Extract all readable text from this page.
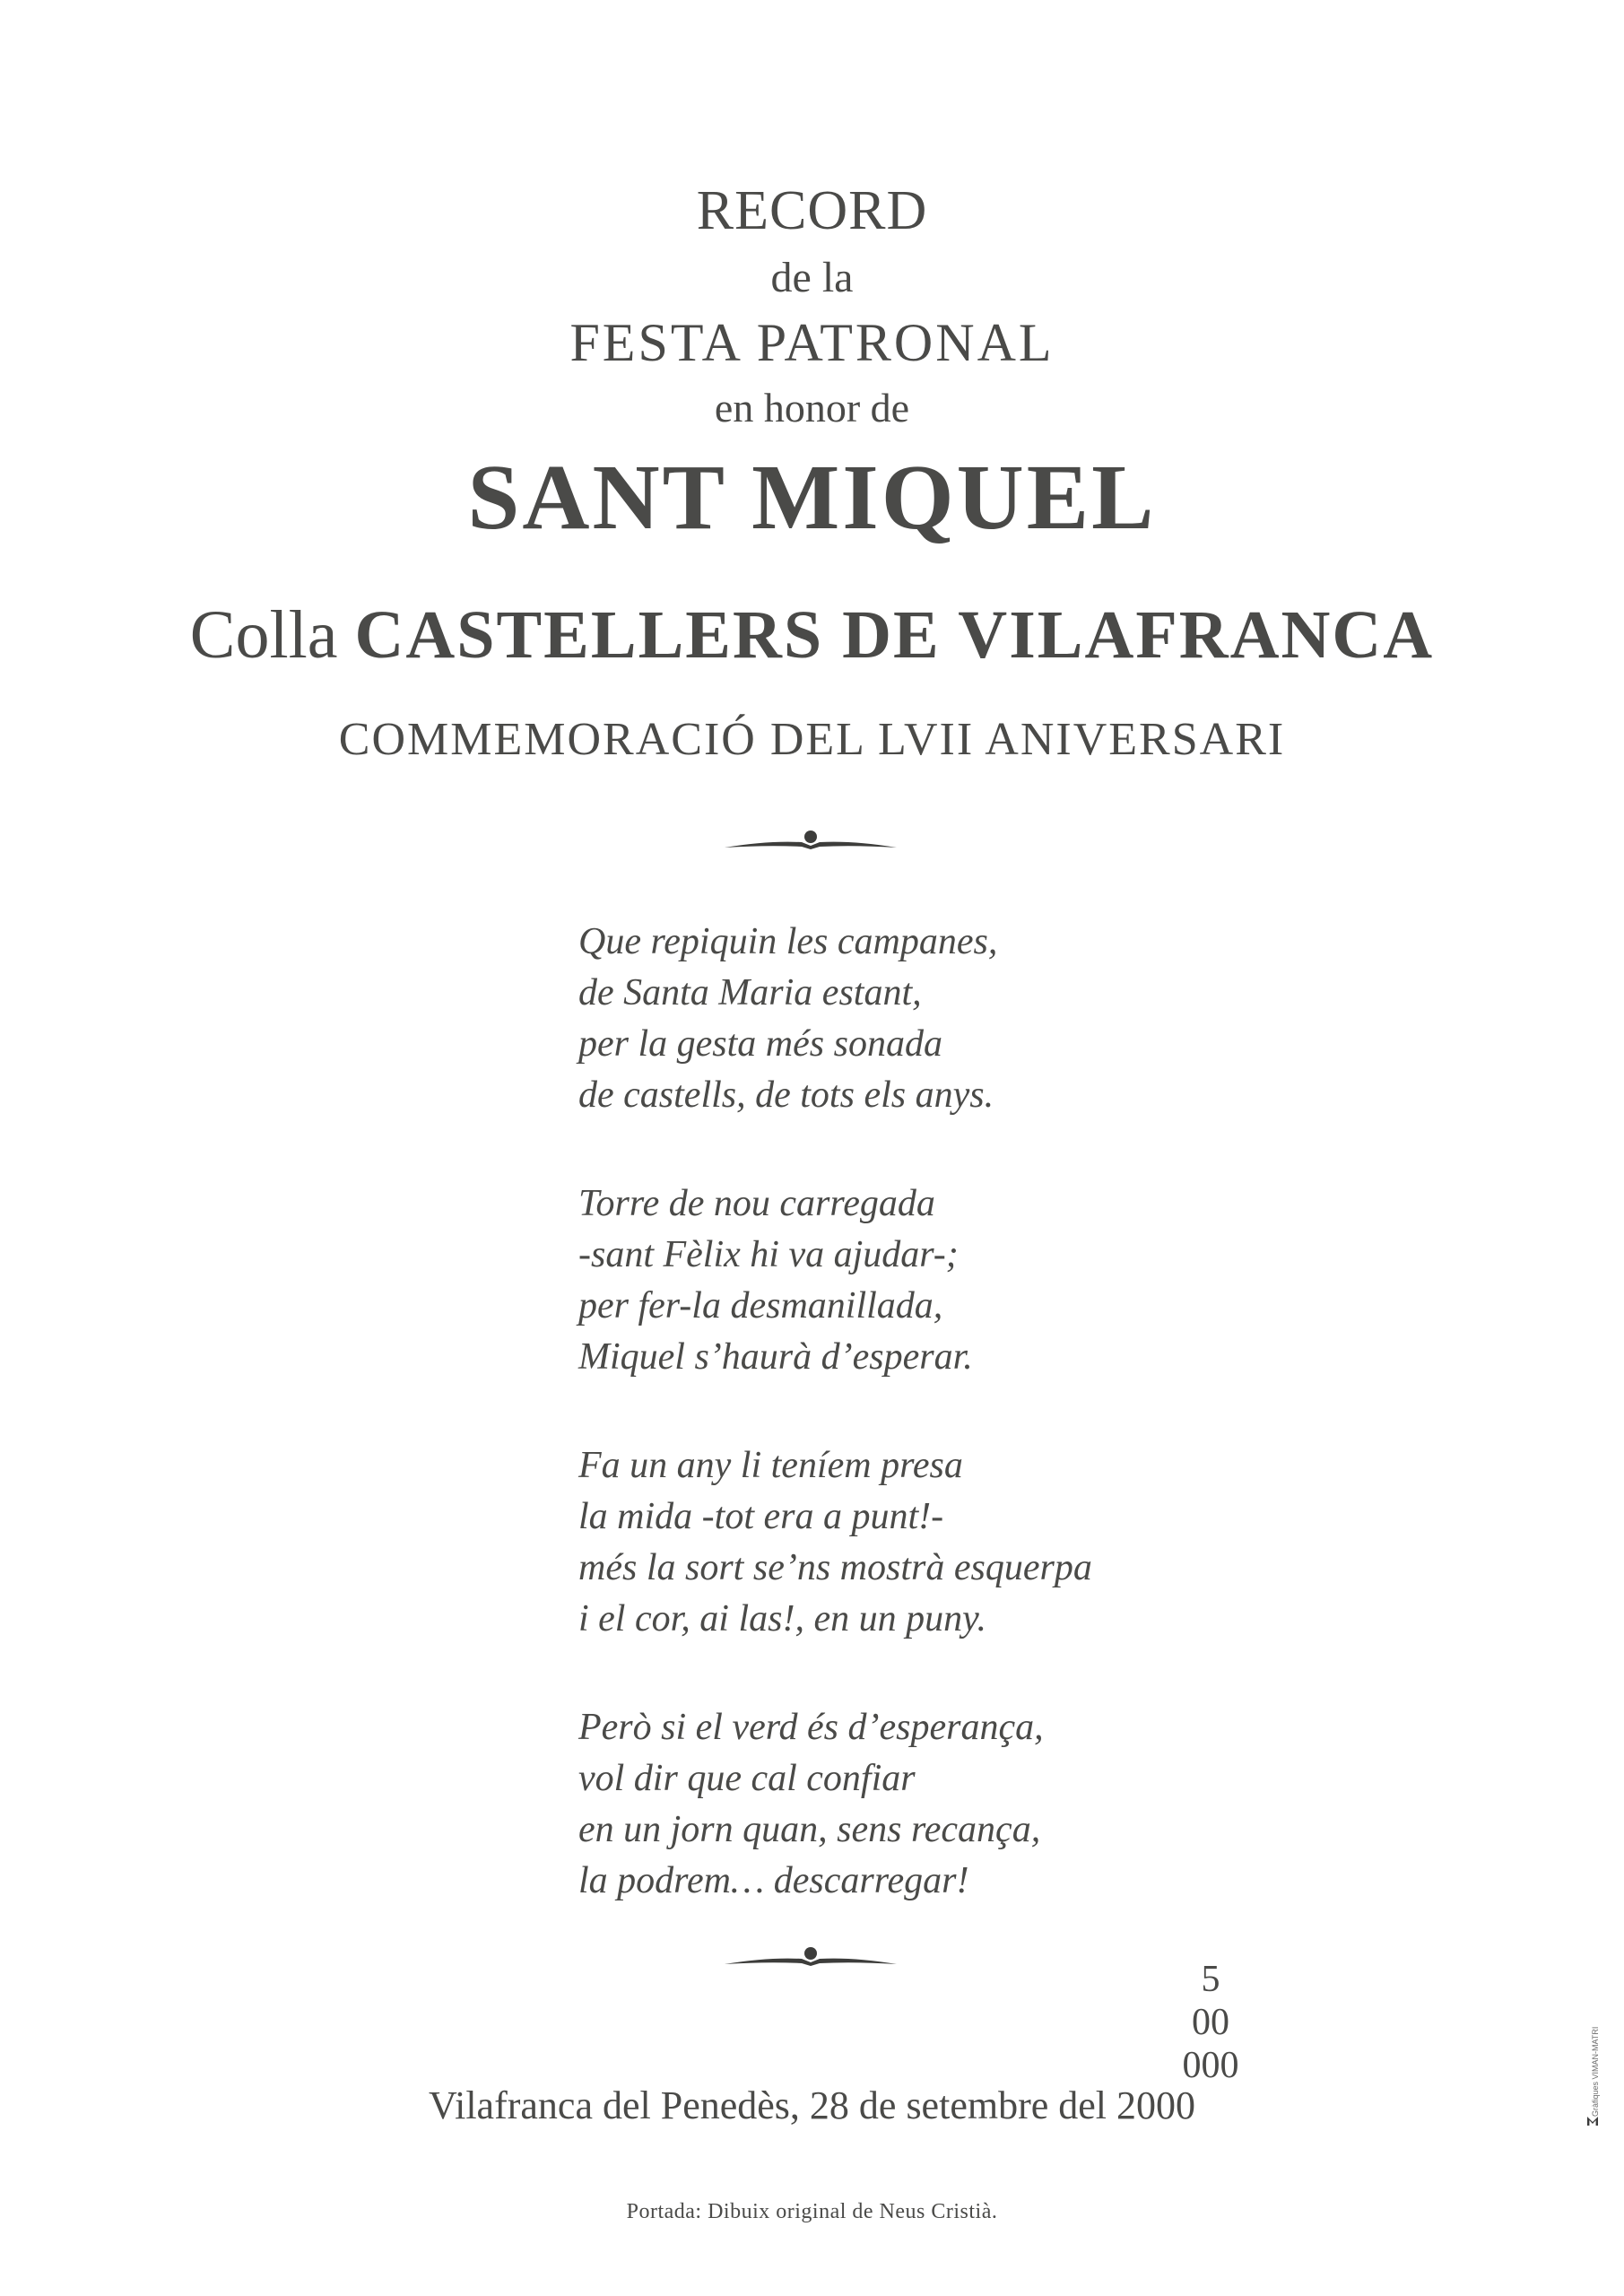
RECORD
de la
FESTA PATRONAL
en honor de
SANT MIQUEL
Colla CASTELLERS DE VILAFRANCA
COMMEMORACIÓ DEL LVII ANIVERSARI
Que repiquin les campanes,
de Santa Maria estant,
per la gesta més sonada
de castells, de tots els anys.
Torre de nou carregada
-sant Fèlix hi va ajudar-;
per fer-la desmanillada,
Miquel s’haurà d’esperar.
Fa un any li teníem presa
la mida -tot era a punt!-
més la sort se’ns mostrà esquerpa
i el cor, ai las!, en un puny.
Però si el verd és d’esperança,
vol dir que cal confiar
en un jorn quan, sens recança,
la podrem… descarregar!
5
00
000
Vilafranca del Penedès, 28 de setembre del 2000
Portada: Dibuix original de Neus Cristià.
Gràfiques VIMAN-MATRI
